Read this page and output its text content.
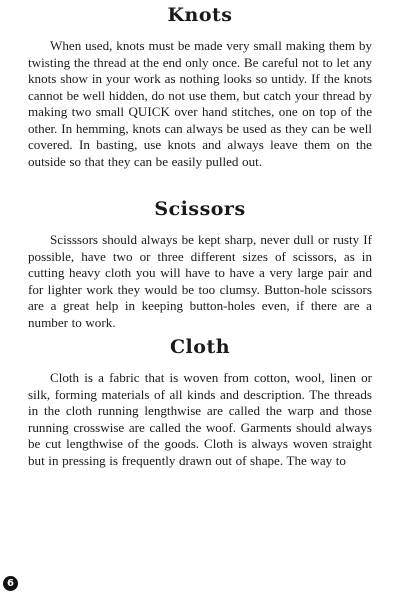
Knots

When used, knots must be made very small making them by twisting the thread at the end only once. Be careful not to let any knots show in your work as nothing looks so untidy. If the knots cannot be well hidden, do not use them, but catch your thread by making two small QUICK over hand stitches, one on top of the other. In hemming, knots can always be used as they can be well covered. In basting, use knots and always leave them on the outside so that they can be easily pulled out.

Scissors

Scisssors should always be kept sharp, never dull or rusty If possible, have two or three different sizes of scissors, as in cutting heavy cloth you will have to have a very large pair and for lighter work they would be too clumsy. Button-hole scissors are a great help in keeping button-holes even, if there are a number to work.

Cloth

Cloth is a fabric that is woven from cotton, wool, linen or silk, forming materials of all kinds and description. The threads in the cloth running lengthwise are called the warp and those running crosswise are called the woof. Garments should always be cut lengthwise of the goods. Cloth is always woven straight but in pressing is frequently drawn out of shape. The way to

6
